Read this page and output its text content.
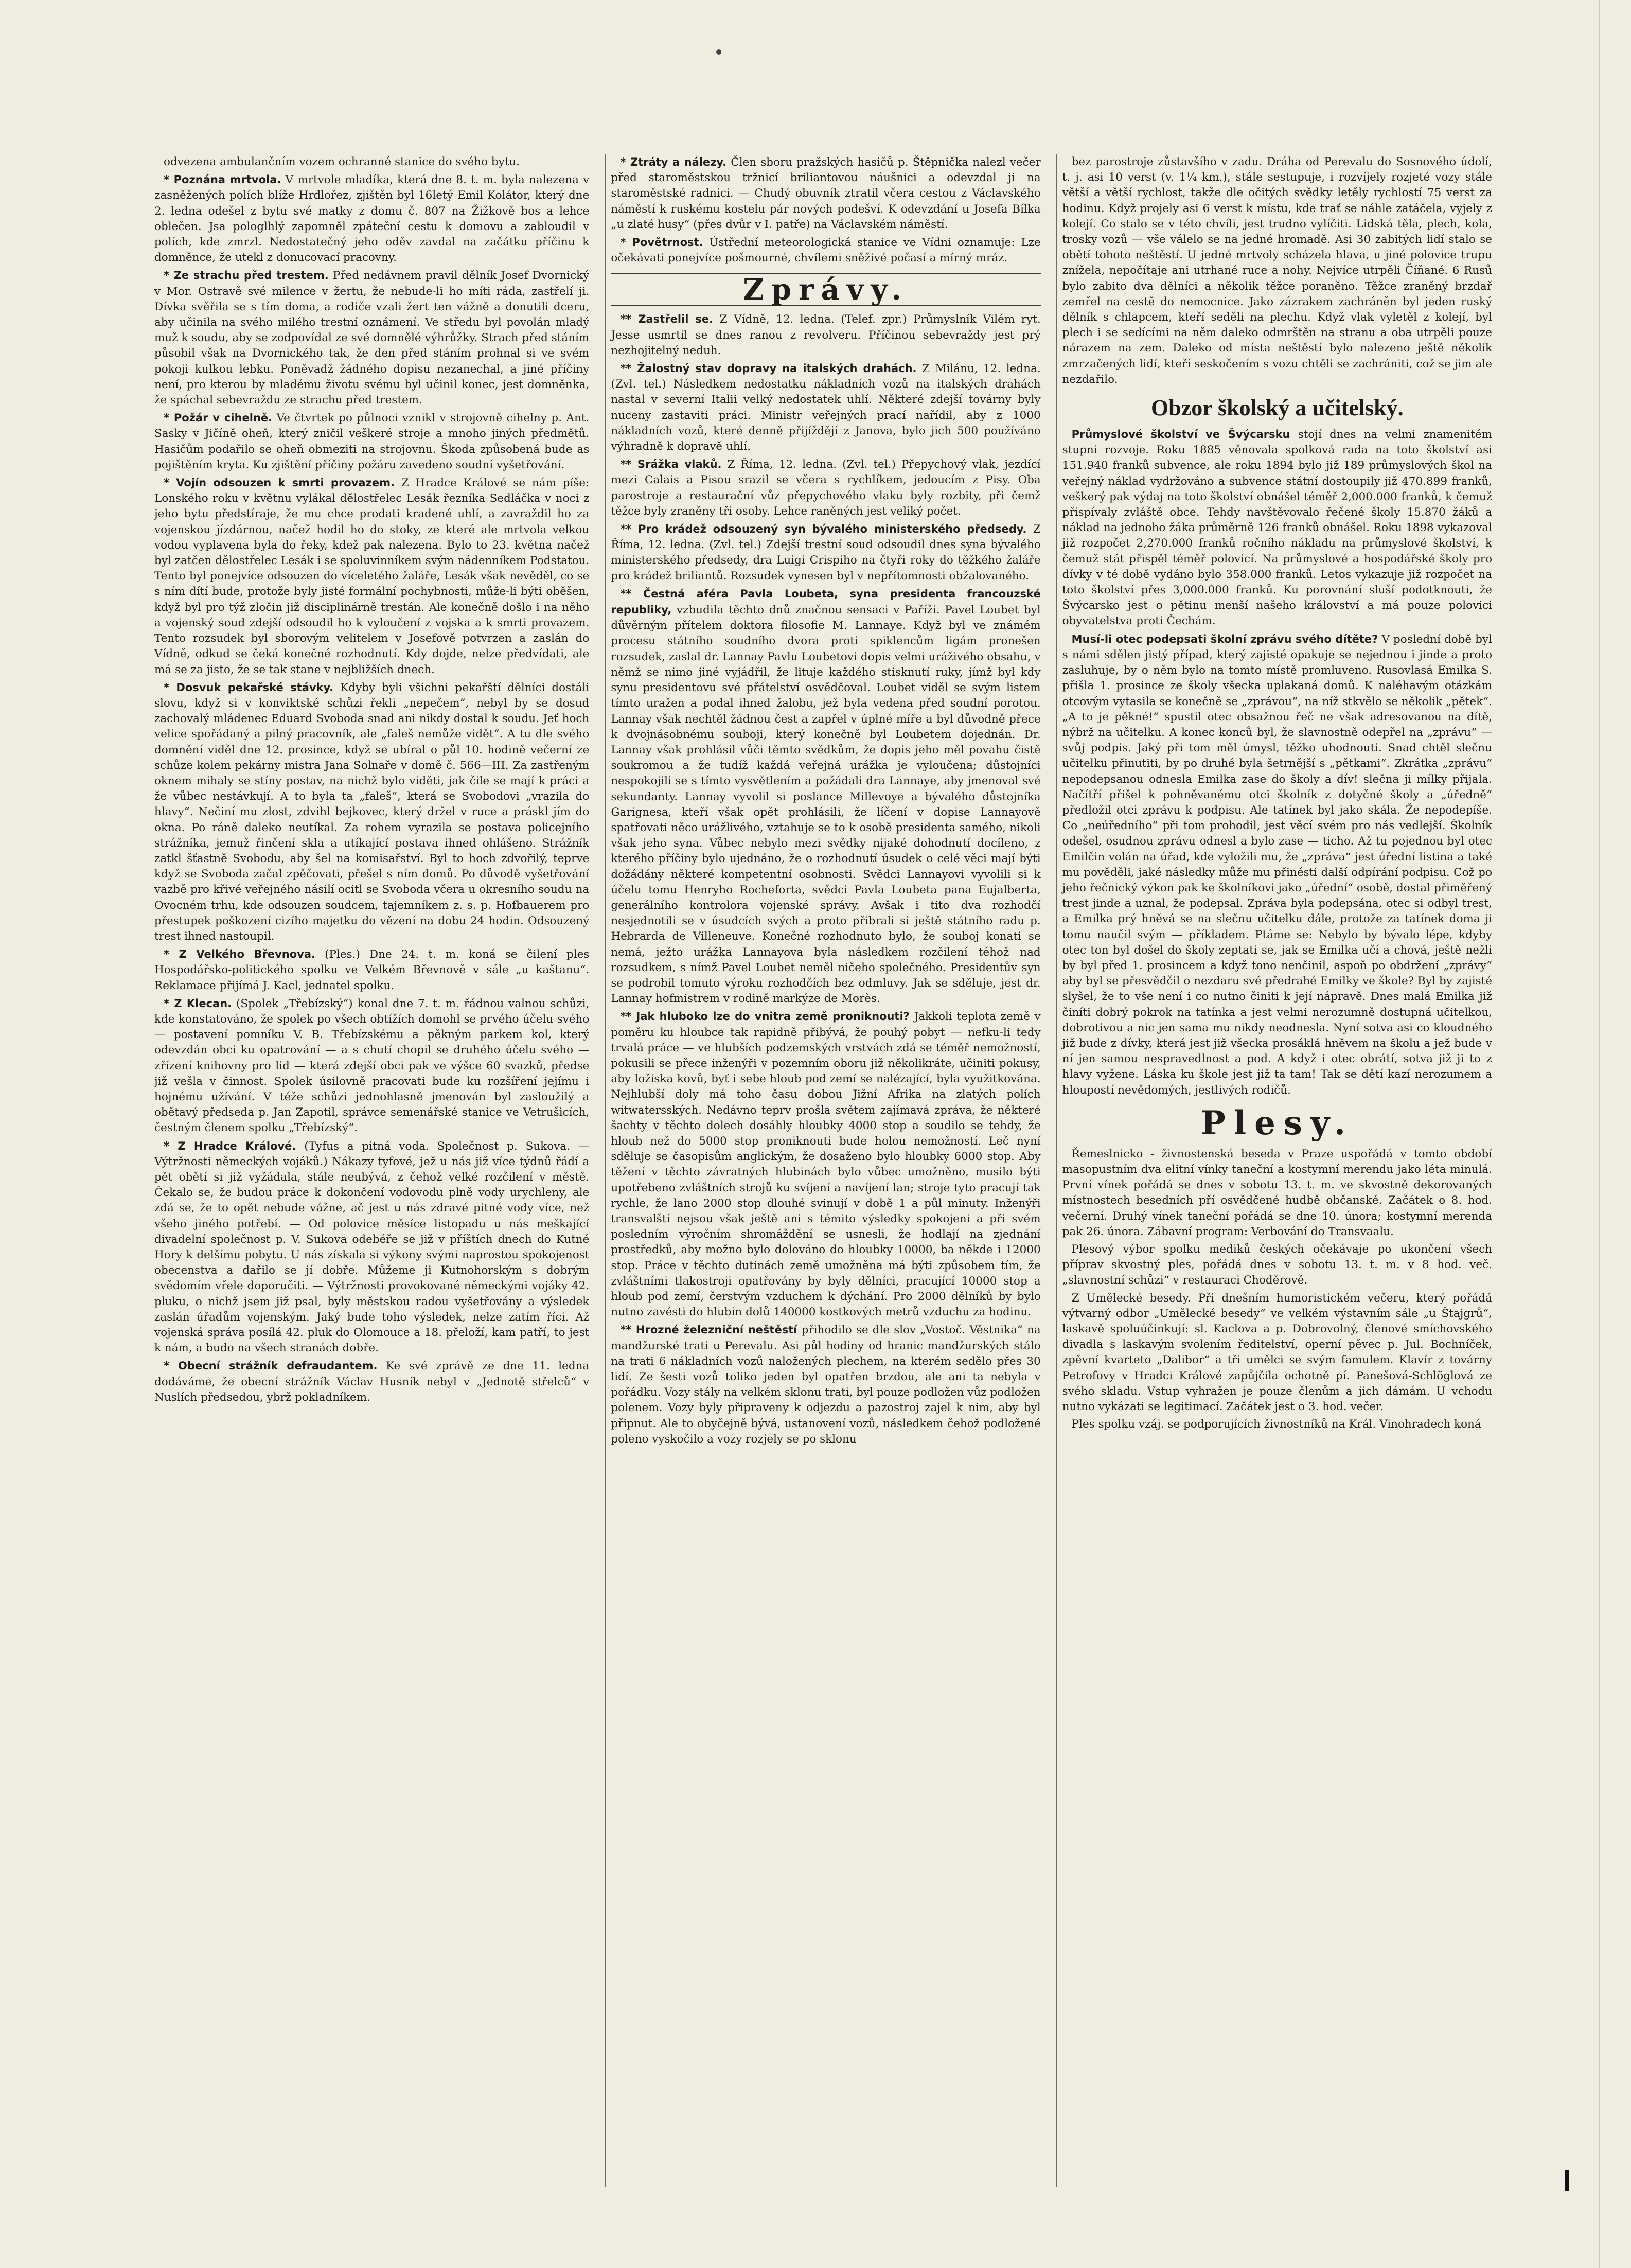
odvezena ambulančním vozem ochranné stanice do svého bytu.

* Poznána mrtvola. V mrtvole mladíka, která dne 8. t. m. byla nalezena v zasněžených polích blíže Hrdlořez, zjištěn byl 16letý Emil Kolátor, který dne 2. ledna odešel z bytu své matky z domu č. 807 na Žižkově bos a lehce oblečen. Jsa pologlhlý zapomněl zpáteční cestu k domovu a zabloudil v polích, kde zmrzl. Nedostatečný jeho oděv zavdal na začátku příčinu k domněnce, že utekl z donucovací pracovny.

* Ze strachu před trestem. Před nedávnem pravil dělník Josef Dvornický v Mor. Ostravě své milence v žertu, že nebude-li ho míti ráda, zastřelí ji. Dívka svěřila se s tím doma, a rodiče vzali žert ten vážně a donutili dceru, aby učinila na svého milého trestní oznámení. Ve středu byl povolán mladý muž k soudu, aby se zodpovídal ze své domnělé výhrůžky. Strach před stáním působil však na Dvornického tak, že den před stáním prohnal si ve svém pokoji kulkou lebku. Poněvadž žádného dopisu nezanechal, a jiné příčiny není, pro kterou by mladému životu svému byl učinil konec, jest domněnka, že spáchal sebevraždu ze strachu před trestem.

* Požár v cihelně. Ve čtvrtek po půlnoci vznikl v strojovně cihelny p. Ant. Sasky v Jičíně oheň, který zničil veškeré stroje a mnoho jiných předmětů. Hasičům podařilo se oheň obmeziti na strojovnu. Škoda způsobená bude as pojištěním kryta. Ku zjištění příčiny požáru zavedeno soudní vyšetřování.

* Vojín odsouzen k smrti provazem. Z Hradce Králové se nám píše: Lonského roku v květnu vylákal dělostřelec Lesák řezníka Sedláčka v noci z jeho bytu předstíraje, že mu chce prodati kradené uhlí, a zavraždil ho za vojenskou jízdárnou, načež hodil ho do stoky, ze které ale mrtvola velkou vodou vyplavena byla do řeky, kdež pak nalezena. Bylo to 23. května načež byl zatčen dělostřelec Lesák i se spoluvinníkem svým nádenníkem Podstatou. Tento byl ponejvíce odsouzen do víceletého žaláře, Lesák však nevěděl, co se s ním dítí bude, protože byly jisté formální pochybnosti, může-li býti oběšen, když byl pro týž zločin již disciplinárně trestán. Ale konečně došlo i na něho a vojenský soud zdejší odsoudil ho k vyloučení z vojska a k smrti provazem. Tento rozsudek byl sborovým velitelem v Josefově potvrzen a zaslán do Vídně, odkud se čeká konečné rozhodnutí. Kdy dojde, nelze předvídati, ale má se za jisto, že se tak stane v nejbližších dnech.

* Dosvuk pekařské stávky. Kdyby byli všichni pekařští dělníci dostáli slovu, když si v konviktské schůzi řekli „nepečem“, nebyl by se dosud zachovalý mládenec Eduard Svoboda snad ani nikdy dostal k soudu. Jeť hoch velice spořádaný a pilný pracovník, ale „faleš nemůže vidět“. A tu dle svého domnění viděl dne 12. prosince, když se ubíral o půl 10. hodině večerní ze schůze kolem pekárny mistra Jana Solnaře v domě č. 566—III. Za zastřeným oknem mihaly se stíny postav, na nichž bylo viděti, jak čile se mají k práci a že vůbec nestávkují. A to byla ta „faleš“, která se Svobodovi „vrazila do hlavy“. Nečiní mu zlost, zdvihl bejkovec, který držel v ruce a práskl jím do okna. Po ráně daleko neutíkal. Za rohem vyrazila se postava policejního strážníka, jemuž řinčení skla a utíkající postava ihned ohlášeno. Strážník zatkl šťastně Svobodu, aby šel na komisařství. Byl to hoch zdvořilý, teprve když se Svoboda začal zpěčovati, přešel s ním domů. Po důvodě vyšetřování vazbě pro křivé veřejného násilí ocitl se Svoboda včera u okresního soudu na Ovocném trhu, kde odsouzen soudcem, tajemníkem z. s. p. Hofbauerem pro přestupek poškození cizího majetku do vězení na dobu 24 hodin. Odsouzený trest ihned nastoupil.

* Z Velkého Břevnova. (Ples.) Dne 24. t. m. koná se čilení ples Hospodářsko-politického spolku ve Velkém Břevnově v sále „u kaštanu“. Reklamace přijímá J. Kacl, jednatel spolku.

* Z Klecan. (Spolek „Třebízský“) konal dne 7. t. m. řádnou valnou schůzi, kde konstatováno, že spolek po všech obtížích domohl se prvého účelu svého — postavení pomníku V. B. Třebízskému a pěkným parkem kol, který odevzdán obci ku opatrování — a s chutí chopil se druhého účelu svého — zřízení knihovny pro lid — která zdejší obci pak ve výšce 60 svazků, předse již vešla v činnost. Spolek úsilovně pracovati bude ku rozšíření jejímu i hojnému užívání. V téže schůzi jednohlasně jmenován byl zasloužilý a obětavý předseda p. Jan Zapotil, správce semenářské stanice ve Vetrušicích, čestným členem spolku „Třebízský“.

* Z Hradce Králové. (Tyfus a pitná voda. Společnost p. Sukova. — Výtržnosti německých vojáků.) Nákazy tyfové, jež u nás již více týdnů řádí a pět obětí si již vyžádala, stále neubývá, z čehož velké rozčilení v městě. Čekalo se, že budou práce k dokončení vodovodu plně vody urychleny, ale zdá se, že to opět nebude vážne, ač jest u nás zdravé pitné vody více, než všeho jiného potřebí. — Od polovice měsíce listopadu u nás meškající divadelní společnost p. V. Sukova odebéře se již v příštích dnech do Kutné Hory k delšímu pobytu. U nás získala si výkony svými naprostou spokojenost obecenstva a dařilo se jí dobře. Můžeme ji Kutnohorským s dobrým svědomím vřele doporučiti. — Výtržnosti provokované německými vojáky 42. pluku, o nichž jsem již psal, byly městskou radou vyšetřovány a výsledek zaslán úřadům vojenským. Jaký bude toho výsledek, nelze zatím říci. Až vojenská správa posílá 42. pluk do Olomouce a 18. přeloží, kam patří, to jest k nám, a budo na všech stranách dobře.

* Obecní strážník defraudantem. Ke své zprávě ze dne 11. ledna dodáváme, že obecní strážník Václav Husník nebyl v „Jednotě střelců“ v Nuslích předsedou, ybrž pokladníkem.

* Ztráty a nálezy. Člen sboru pražských hasičů p. Štěpnička nalezl večer před staroměstskou tržnicí briliantovou náušnici a odevzdal ji na staroměstské radnici. — Chudý obuvník ztratil včera cestou z Václavského náměstí k ruskému kostelu pár nových podešví. K odevzdání u Josefa Bílka „u zlaté husy“ (přes dvůr v I. patře) na Václavském náměstí.

* Povětrnost. Ústřední meteorologická stanice ve Vídni oznamuje: Lze očekávati ponejvíce pošmourné, chvílemi sněživé počasí a mírný mráz.

Zprávy.

** Zastřelil se. Z Vídně, 12. ledna. (Telef. zpr.) Průmyslník Vilém ryt. Jesse usmrtil se dnes ranou z revolveru. Příčinou sebevraždy jest prý nezhojitelný neduh.

** Žalostný stav dopravy na italských drahách. Z Milánu, 12. ledna. (Zvl. tel.) Následkem nedostatku nákladních vozů na italských drahách nastal v severní Italii velký nedostatek uhlí. Některé zdejší továrny byly nuceny zastaviti práci. Ministr veřejných prací nařídil, aby z 1000 nákladních vozů, které denně přijíždějí z Janova, bylo jich 500 používáno výhradně k dopravě uhlí.

** Srážka vlaků. Z Říma, 12. ledna. (Zvl. tel.) Přepychový vlak, jezdící mezi Calais a Pisou srazil se včera s rychlíkem, jedoucím z Pisy. Oba parostroje a restaurační vůz přepychového vlaku byly rozbity, při čemž těžce byly zraněny tři osoby. Lehce raněných jest veliký počet.

** Pro krádež odsouzený syn bývalého ministerského předsedy. Z Říma, 12. ledna. (Zvl. tel.) Zdejší trestní soud odsoudil dnes syna bývalého ministerského předsedy, dra Luigi Crispiho na čtyři roky do těžkého žaláře pro krádež briliantů. Rozsudek vynesen byl v nepřítomnosti obžalovaného.

** Čestná aféra Pavla Loubeta, syna presidenta francouzské republiky, vzbudila těchto dnů značnou sensaci v Paříži. Pavel Loubet byl důvěrným přítelem doktora filosofie M. Lannaye. Když byl ve známém procesu státního soudního dvora proti spiklencům ligám pronešen rozsudek, zaslal dr. Lannay Pavlu Loubetovi dopis velmi uráživého obsahu, v němž se nimo jiné vyjádřil, že lituje každého stisknutí ruky, jímž byl kdy synu presidentovu své přátelství osvědčoval. Loubet viděl se svým listem tímto uražen a podal ihned žalobu, jež byla vedena před soudní porotou. Lannay však nechtěl žádnou čest a zapřel v úplné míře a byl důvodně přece k dvojnásobnému souboji, který konečně byl Loubetem dojednán. Dr. Lannay však prohlásil vůči těmto svědkům, že dopis jeho měl povahu čistě soukromou a že tudíž každá veřejná urážka je vyloučena; důstojníci nespokojili se s tímto vysvětlením a požádali dra Lannaye, aby jmenoval své sekundanty. Lannay vyvolil si poslance Millevoye a bývalého důstojníka Garignesa, kteří však opět prohlásili, že líčení v dopise Lannayově spatřovati něco urážlivého, vztahuje se to k osobě presidenta samého, nikoli však jeho syna. Vůbec nebylo mezi svědky nijaké dohodnutí docíleno, z kterého příčiny bylo ujednáno, že o rozhodnutí úsudek o celé věci mají býti dožádány některé kompetentní osobnosti. Svědci Lannayovi vyvolili si k účelu tomu Henryho Rocheforta, svědci Pavla Loubeta pana Eujalberta, generálního kontrolora vojenské správy. Avšak i tito dva rozhodčí nesjednotili se v úsudcích svých a proto přibrali si ještě státního radu p. Hebrarda de Villeneuve. Konečné rozhodnuto bylo, že souboj konati se nemá, ježto urážka Lannayova byla následkem rozčilení téhož nad rozsudkem, s nímž Pavel Loubet neměl ničeho společného. Presidentův syn se podrobil tomuto výroku rozhodčích bez odmluvy. Jak se sděluje, jest dr. Lannay hofmistrem v rodině markýze de Morès.

** Jak hluboko lze do vnitra země proniknouti? Jakkoli teplota země v poměru ku hloubce tak rapidně přibývá, že pouhý pobyt — nefku-li tedy trvalá práce — ve hlubších podzemských vrstvách zdá se téměř nemožností, pokusili se přece inženýři v pozemním oboru již několikráte, učiniti pokusy, aby ložiska kovů, byť i sebe hloub pod zemí se nalézající, byla využitkována. Nejhlubší doly má toho času dobou Jižní Afrika na zlatých polích witwatersských. Nedávno teprv prošla světem zajímavá zpráva, že některé šachty v těchto dolech dosáhly hloubky 4000 stop a soudilo se tehdy, že hloub než do 5000 stop proniknouti bude holou nemožností. Leč nyní sděluje se časopisům anglickým, že dosaženo bylo hloubky 6000 stop. Aby těžení v těchto závratných hlubinách bylo vůbec umožněno, musilo býti upotřebeno zvláštních strojů ku svíjení a navíjení lan; stroje tyto pracují tak rychle, že lano 2000 stop dlouhé svinují v době 1 a půl minuty. Inženýři transvalští nejsou však ještě ani s témito výsledky spokojeni a při svém posledním výročním shromáždění se usnesli, že hodlají na zjednání prostředků, aby možno bylo dolováno do hloubky 10000, ba někde i 12000 stop. Práce v těchto dutinách země umožněna má býti způsobem tím, že zvláštními tlakostroji opatřovány by byly dělníci, pracující 10000 stop a hloub pod zemí, čerstvým vzduchem k dýchání. Pro 2000 dělníků by bylo nutno zavésti do hlubin dolů 140000 kostkových metrů vzduchu za hodinu.

** Hrozné železniční neštěstí přihodilo se dle slov „Vostoč. Věstnika“ na mandžurské trati u Perevalu. Asi půl hodiny od hranic mandžurských stálo na trati 6 nákladních vozů naložených plechem, na kterém sedělo přes 30 lidí. Ze šesti vozů toliko jeden byl opatřen brzdou, ale ani ta nebyla v pořádku. Vozy stály na velkém sklonu trati, byl pouze podložen vůz podložen polenem. Vozy byly připraveny k odjezdu a pazostroj zajel k nim, aby byl připnut. Ale to obyčejně bývá, ustanovení vozů, následkem čehož podložené poleno vyskočilo a vozy rozjely se po sklonu

bez parostroje zůstavšího v zadu. Dráha od Perevalu do Sosnového údolí, t. j. asi 10 verst (v. 1¼ km.), stále sestupuje, i rozvíjely rozjeté vozy stále větší a větší rychlost, takže dle očitých svědky letěly rychlostí 75 verst za hodinu. Když projely asi 6 verst k místu, kde trať se náhle zatáčela, vyjely z kolejí. Co stalo se v této chvíli, jest trudno vylíčiti. Lidská těla, plech, kola, trosky vozů — vše válelo se na jedné hromadě. Asi 30 zabitých lidí stalo se obětí tohoto neštěstí. U jedné mrtvoly scházela hlava, u jiné polovice trupu znížela, nepočítaje ani utrhané ruce a nohy. Nejvíce utrpěli Číňané. 6 Rusů bylo zabito dva dělníci a několik těžce poraněno. Těžce zraněný brzdař zemřel na cestě do nemocnice. Jako zázrakem zachráněn byl jeden ruský dělník s chlapcem, kteří seděli na plechu. Když vlak vyletěl z kolejí, byl plech i se sedícími na něm daleko odmrštěn na stranu a oba utrpěli pouze nárazem na zem. Daleko od místa neštěstí bylo nalezeno ještě několik zmrzačených lidí, kteří seskočením s vozu chtěli se zachrániti, což se jim ale nezdařilo.

Obzor školský a učitelský.

Průmyslové školství ve Švýcarsku stojí dnes na velmi znamenitém stupni rozvoje. Roku 1885 věnovala spolková rada na toto školství asi 151.940 franků subvence, ale roku 1894 bylo již 189 průmyslových škol na veřejný náklad vydržováno a subvence státní dostoupily již 470.899 franků, veškerý pak výdaj na toto školství obnášel téměř 2,000.000 franků, k čemuž přispívaly zvláště obce. Tehdy navštěvovalo řečené školy 15.870 žáků a náklad na jednoho žáka průměrně 126 franků obnášel. Roku 1898 vykazoval již rozpočet 2,270.000 franků ročního nákladu na průmyslové školství, k čemuž stát přispěl téměř polovicí. Na průmyslové a hospodářské školy pro dívky v té době vydáno bylo 358.000 franků. Letos vykazuje již rozpočet na toto školství přes 3,000.000 franků. Ku porovnání sluší podotknouti, že Švýcarsko jest o pětinu menší našeho království a má pouze polovici obyvatelstva proti Čechám.

Musí-li otec podepsati školní zprávu svého dítěte? V poslední době byl s námi sdělen jistý případ, který zajisté opakuje se nejednou i jinde a proto zasluhuje, by o něm bylo na tomto místě promluveno. Rusovlasá Emilka S. přišla 1. prosince ze školy všecka uplakaná domů. K naléhavým otázkám otcovým vytasila se konečně se „zprávou“, na níž stkvělo se několik „pětek“. „A to je pěkné!“ spustil otec obsažnou řeč ne však adresovanou na dítě, nýbrž na učitelku. A konec konců byl, že slavnostně odepřel na „zprávu“ — svůj podpis. Jaký při tom měl úmysl, těžko uhodnouti. Snad chtěl slečnu učitelku přinutiti, by po druhé byla šetrnější s „pětkami“. Zkrátka „zprávu“ nepodepsanou odnesla Emilka zase do školy a dív! slečna ji mílky přijala. Načítří přišel k pohněvanému otci školník z dotyčné školy a „úředně“ předložil otci zprávu k podpisu. Ale tatínek byl jako skála. Že nepodepíše. Co „neúředního“ při tom prohodil, jest věcí svém pro nás vedlejší. Školník odešel, osudnou zprávu odnesl a bylo zase — ticho. Až tu pojednou byl otec Emilčin volán na úřad, kde vyložili mu, že „zpráva“ jest úřední listina a také mu pověděli, jaké následky může mu přinésti další odpírání podpisu. Což po jeho řečnický výkon pak ke školníkovi jako „úřední“ osobě, dostal přiměřený trest jinde a uznal, že podepsal. Zpráva byla podepsána, otec si odbyl trest, a Emilka prý hněvá se na slečnu učitelku dále, protože za tatínek doma ji tomu naučil svým — příkladem. Ptáme se: Nebylo by bývalo lépe, kdyby otec ton byl došel do školy zeptati se, jak se Emilka učí a chová, ještě nežli by byl před 1. prosincem a když tono nenčinil, aspoň po obdržení „zprávy“ aby byl se přesvědčil o nezdaru své předrahé Emilky ve škole? Byl by zajisté slyšel, že to vše není i co nutno činiti k její nápravě. Dnes malá Emilka již činíti dobrý pokrok na tatínka a jest velmi nerozumně dostupná učitelkou, dobrotivou a nic jen sama mu nikdy neodnesla. Nyní sotva asi co kloudného již bude z dívky, která jest již všecka prosáklá hněvem na školu a jež bude v ní jen samou nespravedlnost a pod. A když i otec obrátí, sotva již ji to z hlavy vyžene. Láska ku škole jest již ta tam! Tak se dětí kazí nerozumem a hloupostí nevědomých, jestlivých rodičů.

Plesy.

Řemeslnicko - živnostenská beseda v Praze uspořádá v tomto období masopustním dva elitní vínky taneční a kostymní merendu jako léta minulá. První vínek pořádá se dnes v sobotu 13. t. m. ve skvostně dekorovaných místnostech besedních pří osvědčené hudbě občanské. Začátek o 8. hod. večerní. Druhý vínek taneční pořádá se dne 10. února; kostymní merenda pak 26. února. Zábavní program: Verbování do Transvaalu.

Plesový výbor spolku mediků českých očekávaje po ukončení všech příprav skvostný ples, pořádá dnes v sobotu 13. t. m. v 8 hod. več. „slavnostní schůzi“ v restauraci Choděrově.

Z Umělecké besedy. Při dnešním humoristickém večeru, který pořádá výtvarný odbor „Umělecké besedy“ ve velkém výstavním sále „u Štajgrů“, laskavě spoluúčinkují: sl. Kaclova a p. Dobrovolný, členové smíchovského divadla s laskavým svolením ředitelství, operní pěvec p. Jul. Bochníček, zpěvní kvarteto „Dalibor“ a tři umělci se svým famulem. Klavír z továrny Petrofovy v Hradci Králové zapůjčila ochotně pí. Panešová-Schlöglová ze svého skladu. Vstup vyhražen je pouze členům a jich dámám. U vchodu nutno vykázati se legitimací. Začátek jest o 3. hod. večer.

Ples spolku vzáj. se podporujících živnostníků na Král. Vinohradech koná
